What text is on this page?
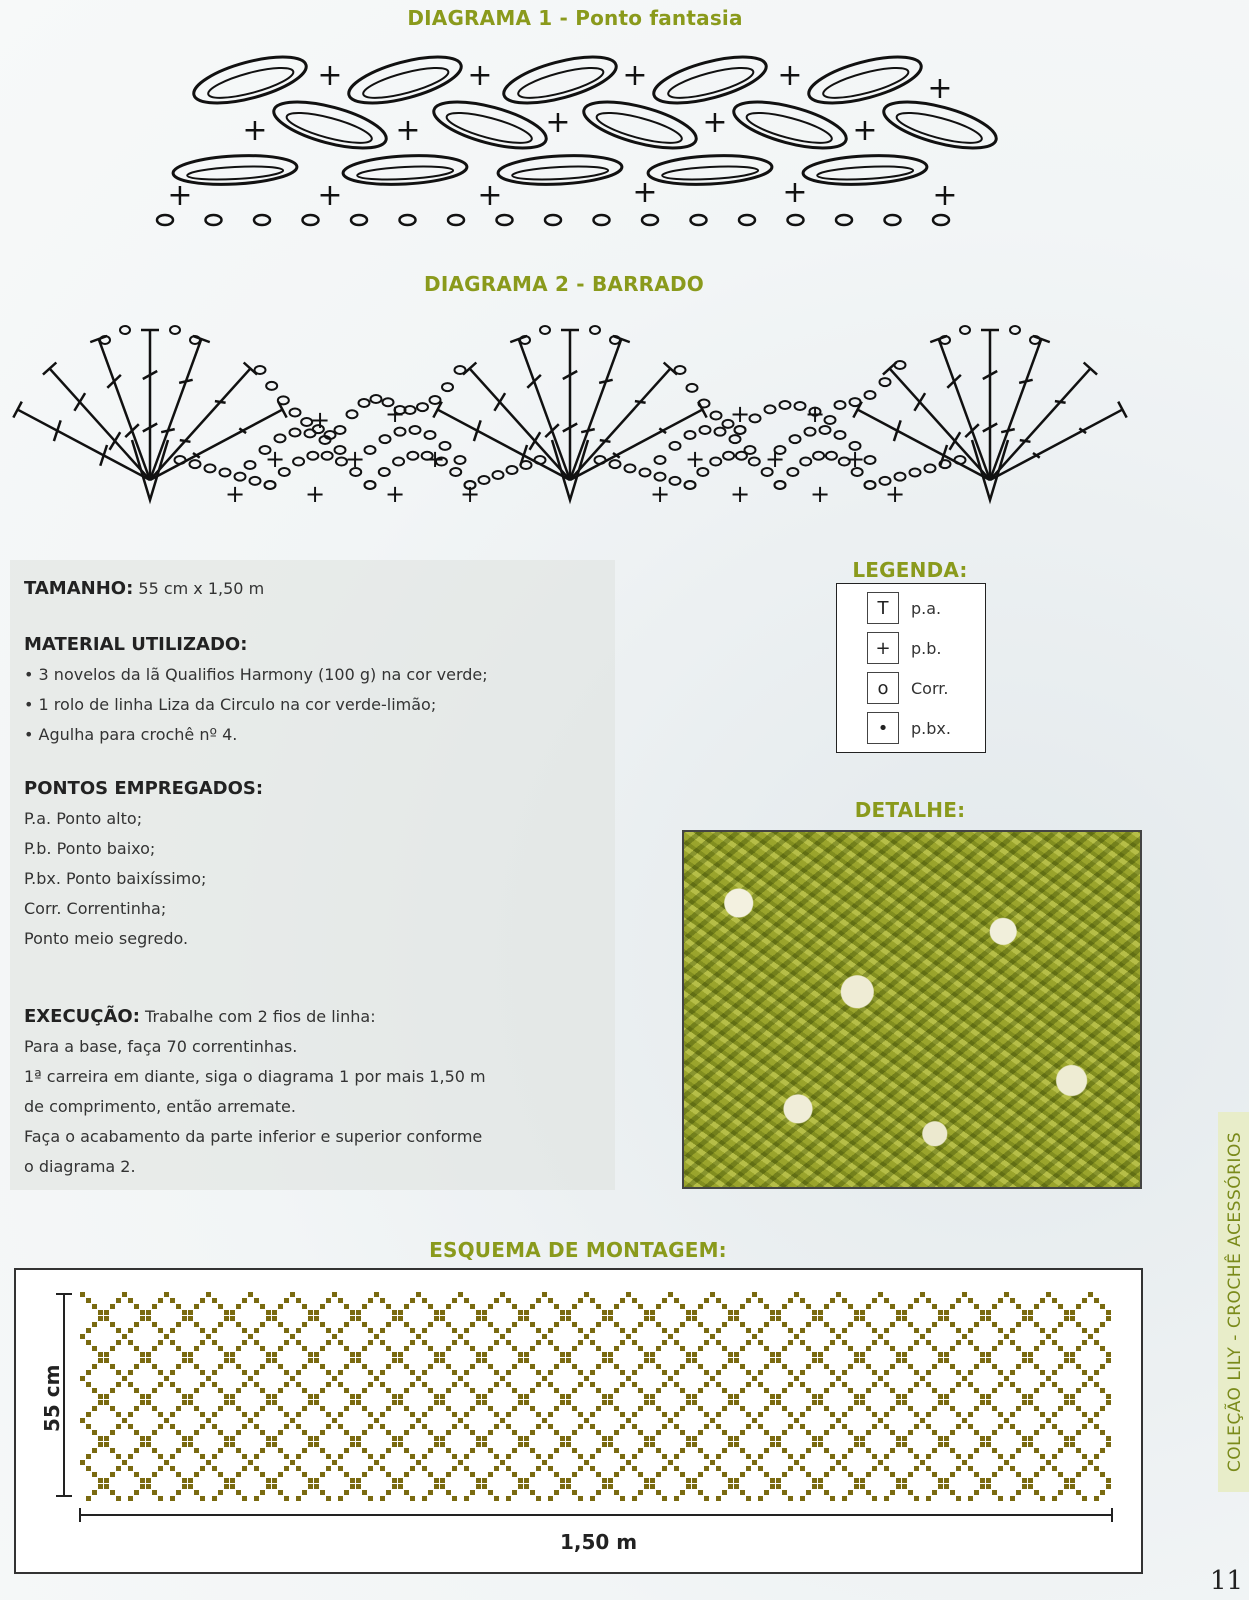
DIAGRAMA 1 - Ponto fantasia
+	+	+	+	+
+	+	+	+	+
+	+	+	+	+	+
DIAGRAMA 2 - BARRADO
+ + + +	+ + + +
+ + +	+ + +
+ +	+ +
TAMANHO: 55 cm x 1,50 m
MATERIAL UTILIZADO:
• 3 novelos da lã Qualifios Harmony (100 g) na cor verde;
• 1 rolo de linha Liza da Circulo na cor verde-limão;
• Agulha para crochê nº 4.
PONTOS EMPREGADOS:
P.a. Ponto alto;
P.b. Ponto baixo;
P.bx. Ponto baixíssimo;
Corr. Correntinha;
Ponto meio segredo.
EXECUÇÃO: Trabalhe com 2 fios de linha:
Para a base, faça 70 correntinhas.
1ª carreira em diante, siga o diagrama 1 por mais 1,50 m
de comprimento, então arremate.
Faça o acabamento da parte inferior e superior conforme
o diagrama 2.
LEGENDA:
T	p.a.
+	p.b.
o	Corr.
•	p.bx.
DETALHE:
COLEÇÃO LILY - CROCHÊ ACESSÓRIOS
ESQUEMA DE MONTAGEM:
55 cm
1,50 m
11
